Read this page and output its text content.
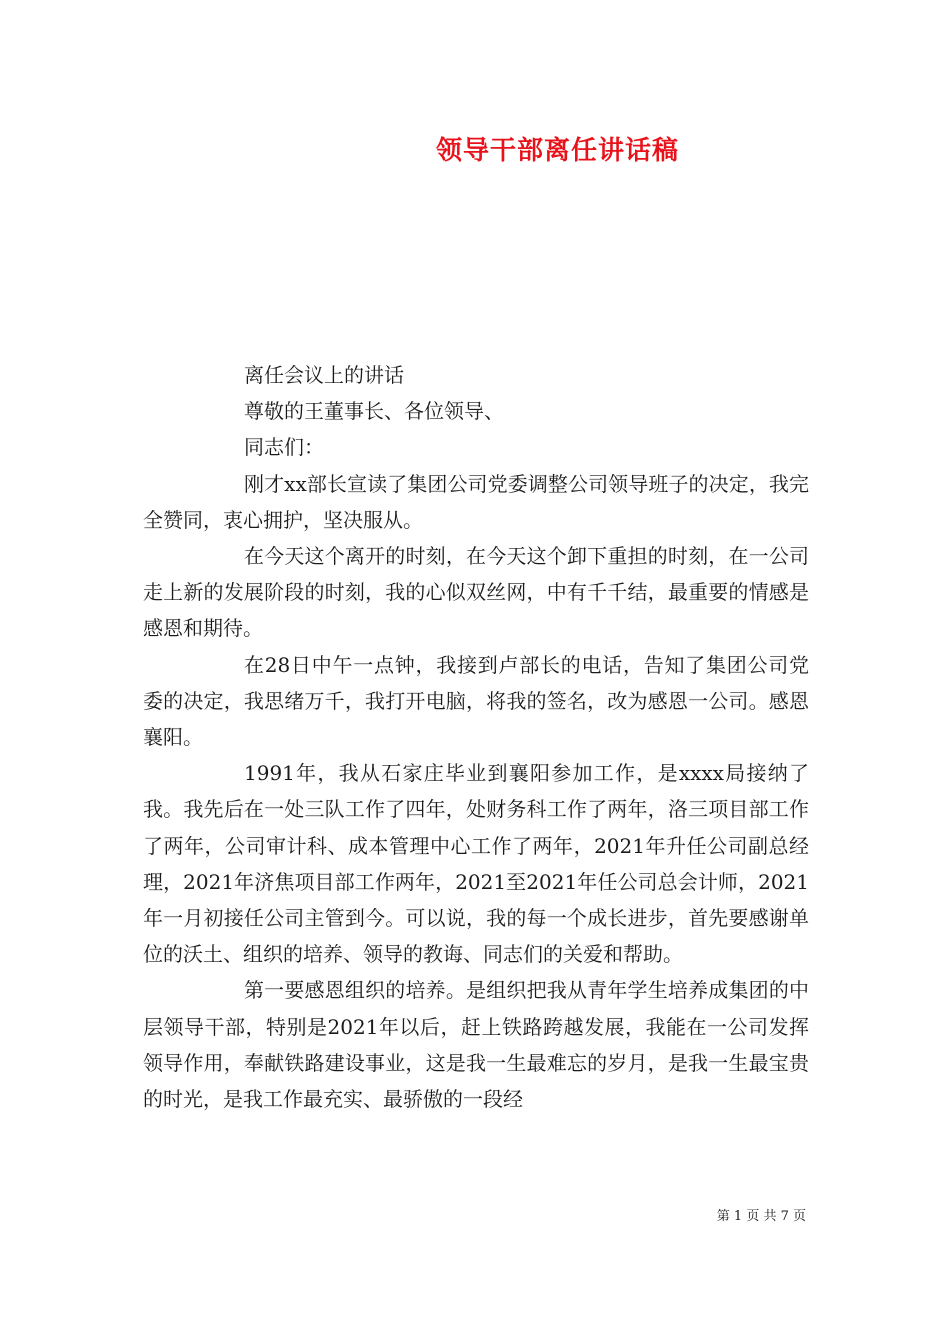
领导干部离任讲话稿

离任会议上的讲话

尊敬的王董事长、各位领导、

同志们：

刚才xx部长宣读了集团公司党委调整公司领导班子的决定，我完全赞同，衷心拥护，坚决服从。

在今天这个离开的时刻，在今天这个卸下重担的时刻，在一公司走上新的发展阶段的时刻，我的心似双丝网，中有千千结，最重要的情感是感恩和期待。

在28日中午一点钟，我接到卢部长的电话，告知了集团公司党委的决定，我思绪万千，我打开电脑，将我的签名，改为感恩一公司。感恩襄阳。

1991年，我从石家庄毕业到襄阳参加工作，是xxxx局接纳了我。我先后在一处三队工作了四年，处财务科工作了两年，洛三项目部工作了两年，公司审计科、成本管理中心工作了两年，2021年升任公司副总经理，2021年济焦项目部工作两年，2021至2021年任公司总会计师，2021年一月初接任公司主管到今。可以说，我的每一个成长进步，首先要感谢单位的沃土、组织的培养、领导的教诲、同志们的关爱和帮助。

第一要感恩组织的培养。是组织把我从青年学生培养成集团的中层领导干部，特别是2021年以后，赶上铁路跨越发展，我能在一公司发挥领导作用，奉献铁路建设事业，这是我一生最难忘的岁月，是我一生最宝贵的时光，是我工作最充实、最骄傲的一段经

第 1 页 共 7 页
